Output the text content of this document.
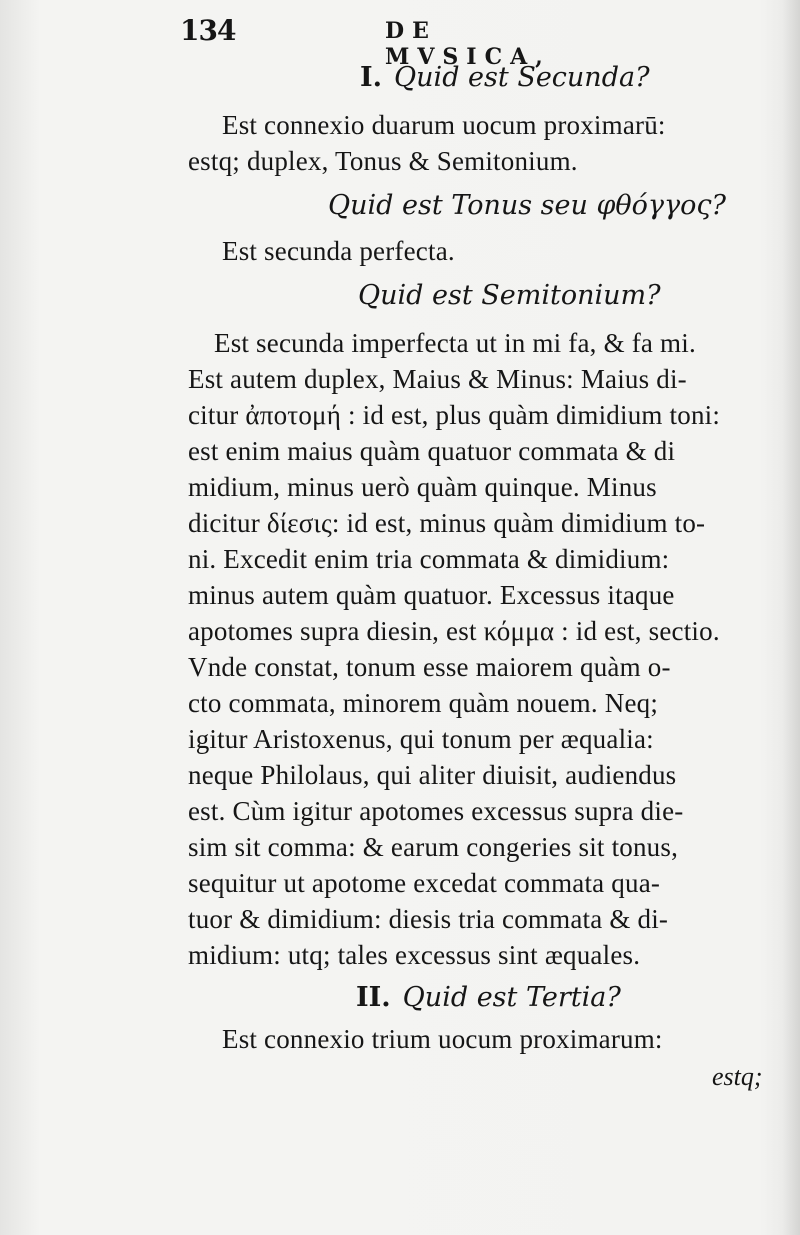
134	DE MVSICA,
I. Quid est Secunda?
Est connexio duarum uocum proximarū:
estq; duplex, Tonus & Semitonium.
Quid est Tonus seu φθόγγος?
Est secunda perfecta.
Quid est Semitonium?
Est secunda imperfecta ut in mi fa, & fa mi.
Est autem duplex, Maius & Minus: Maius di-
citur ἀποτομή : id est, plus quàm dimidium toni:
est enim maius quàm quatuor commata & di
midium, minus uerò quàm quinque. Minus
dicitur δίεσις: id est, minus quàm dimidium to-
ni. Excedit enim tria commata & dimidium:
minus autem quàm quatuor. Excessus itaque
apotomes supra diesin, est κόμμα : id est, sectio.
Vnde constat, tonum esse maiorem quàm o-
cto commata, minorem quàm nouem. Neq;
igitur Aristoxenus, qui tonum per æqualia:
neque Philolaus, qui aliter diuisit, audiendus
est. Cùm igitur apotomes excessus supra die-
sim sit comma: & earum congeries sit tonus,
sequitur ut apotome excedat commata qua-
tuor & dimidium: diesis tria commata & di-
midium: utq; tales excessus sint æquales.
II. Quid est Tertia?
Est connexio trium uocum proximarum:
estq;
